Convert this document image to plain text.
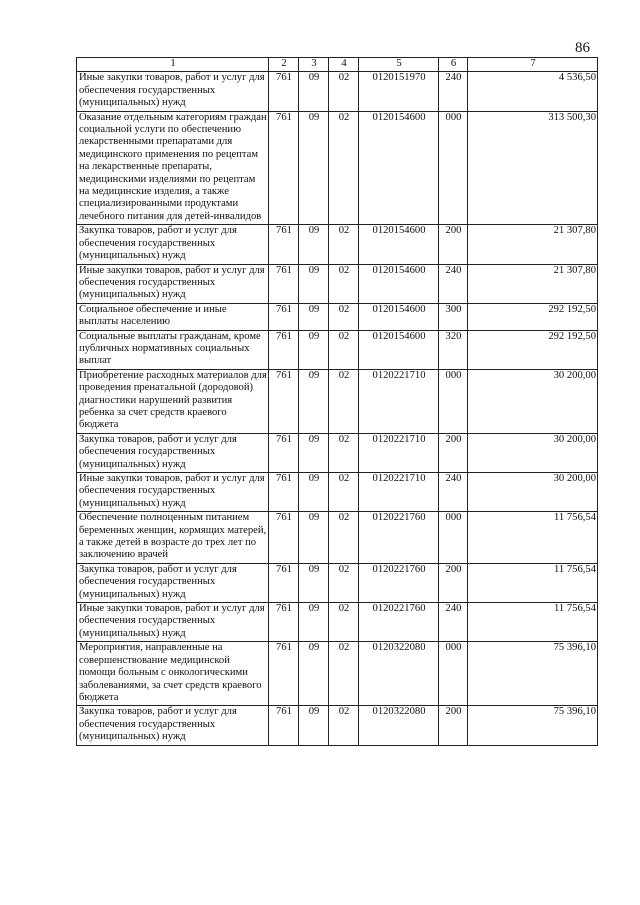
86
1	2	3	4	5	6	7
Иные закупки товаров, работ и услуг для обеспечения государственных (муниципальных) нужд	761	09	02	0120151970	240	4 536,50
Оказание отдельным категориям граждан социальной услуги по обеспечению лекарственными препаратами для медицинского применения по рецептам на лекарственные препараты, медицинскими изделиями по рецептам на медицинские изделия, а также специализированными продуктами лечебного питания для детей-инвалидов	761	09	02	0120154600	000	313 500,30
Закупка товаров, работ и услуг для обеспечения государственных (муниципальных) нужд	761	09	02	0120154600	200	21 307,80
Иные закупки товаров, работ и услуг для обеспечения государственных (муниципальных) нужд	761	09	02	0120154600	240	21 307,80
Социальное обеспечение и иные выплаты населению	761	09	02	0120154600	300	292 192,50
Социальные выплаты гражданам, кроме публичных нормативных социальных выплат	761	09	02	0120154600	320	292 192,50
Приобретение расходных материалов для проведения пренатальной (дородовой) диагностики нарушений развития ребенка за счет средств краевого бюджета	761	09	02	0120221710	000	30 200,00
Закупка товаров, работ и услуг для обеспечения государственных (муниципальных) нужд	761	09	02	0120221710	200	30 200,00
Иные закупки товаров, работ и услуг для обеспечения государственных (муниципальных) нужд	761	09	02	0120221710	240	30 200,00
Обеспечение полноценным питанием беременных женщин, кормящих матерей, а также детей в возрасте до трех лет по заключению врачей	761	09	02	0120221760	000	11 756,54
Закупка товаров, работ и услуг для обеспечения государственных (муниципальных) нужд	761	09	02	0120221760	200	11 756,54
Иные закупки товаров, работ и услуг для обеспечения государственных (муниципальных) нужд	761	09	02	0120221760	240	11 756,54
Мероприятия, направленные на совершенствование медицинской помощи больным с онкологическими заболеваниями, за счет средств краевого бюджета	761	09	02	0120322080	000	75 396,10
Закупка товаров, работ и услуг для обеспечения государственных (муниципальных) нужд	761	09	02	0120322080	200	75 396,10
